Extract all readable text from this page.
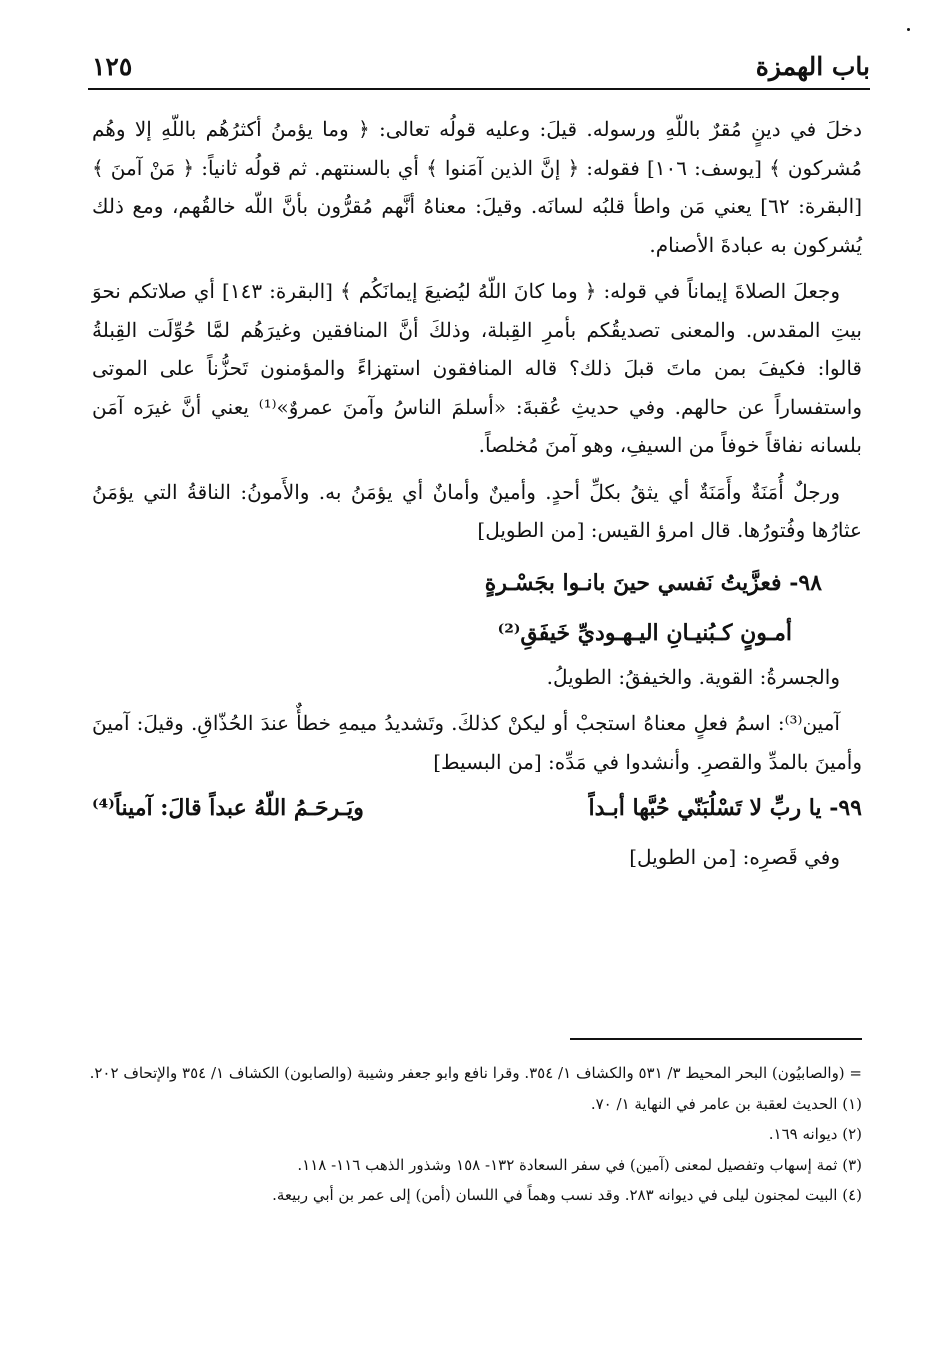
باب الهمزة
١٢٥

دخلَ في دينٍ مُقرٌ باللّهِ ورسوله. قيلَ: وعليه قولُه تعالى: ﴿ وما يؤمنُ أكثرُهُم باللّهِ إلا وهُم مُشركون ﴾ [يوسف: ١٠٦] فقوله: ﴿ إنَّ الذين آمَنوا ﴾ أي بالسنتهم. ثم قولُه ثانياً: ﴿ مَنْ آمنَ ﴾ [البقرة: ٦٢] يعني مَن واطأ قلبُه لسانَه. وقيلَ: معناهُ أنَّهم مُقرُّون بأنَّ اللّه خالقُهم، ومع ذلك يُشركون به عبادةَ الأصنام.

وجعلَ الصلاةَ إيماناً في قوله: ﴿ وما كانَ اللّهُ ليُضيعَ إيمانَكُم ﴾ [البقرة: ١٤٣] أي صلاتكم نحوَ بيتِ المقدس. والمعنى تصديقُكم بأمرِ القِبلة، وذلكَ أنَّ المنافقين وغيرَهُم لمَّا حُوِّلَت القِبلةُ قالوا: فكيفَ بمن ماتَ قبلَ ذلك؟ قاله المنافقون استهزاءً والمؤمنون تَحزُّناً على الموتى واستفساراً عن حالهم. وفي حديثِ عُقبةَ: «أسلمَ الناسُ وآمنَ عمروٌ»⁽¹⁾ يعني أنَّ غيرَه آمَن بلسانه نفاقاً خوفاً من السيفِ، وهو آمنَ مُخلصاً.

ورجلٌ أُمَنَةٌ وأَمَنَةٌ أي يثقُ بكلِّ أحدٍ. وأمينٌ وأمانٌ أي يؤمَنُ به. والأَمونُ: الناقةُ التي يؤمَنُ عثارُها وفُتورُها. قال امرؤ القيس: [من الطويل]

٩٨- فعزَّيتُ نَفسي حينَ بانـوا بجَسْـرةٍ
أمـونٍ كـبُنيـانِ اليـهـوديِّ خَيفَقِ⁽²⁾

والجسرةُ: القوية. والخيفقُ: الطويلُ.

آمين⁽³⁾: اسمُ فعلٍ معناهُ استجبْ أو ليكنْ كذلكَ. وتَشديدُ ميمهِ خطأٌ عندَ الحُذّاقِ. وقيلَ: آمينَ وأمينَ بالمدِّ والقصرِ. وأنشدوا في مَدِّه: [من البسيط]

٩٩- يا ربِّ لا تَسْلُبَنّي حُبَّها أبـداً
ويَـرحَـمُ اللّهُ عبداً قالَ: آميناً⁽⁴⁾

وفي قَصرِه: [من الطويل]

= (والصابيُون) البحر المحيط ٣/ ٥٣١ والكشاف ١/ ٣٥٤. وقرا نافع وابو جعفر وشيبة (والصابون) الكشاف ١/ ٣٥٤ والإتحاف ٢٠٢.
(١) الحديث لعقبة بن عامر في النهاية ١/ ٧٠.
(٢) ديوانه ١٦٩.
(٣) ثمة إسهاب وتفصيل لمعنى (آمين) في سفر السعادة ١٣٢- ١٥٨ وشذور الذهب ١١٦- ١١٨.
(٤) البيت لمجنون ليلى في ديوانه ٢٨٣. وقد نسب وهماً في اللسان (أمن) إلى عمر بن أبي ربيعة.
